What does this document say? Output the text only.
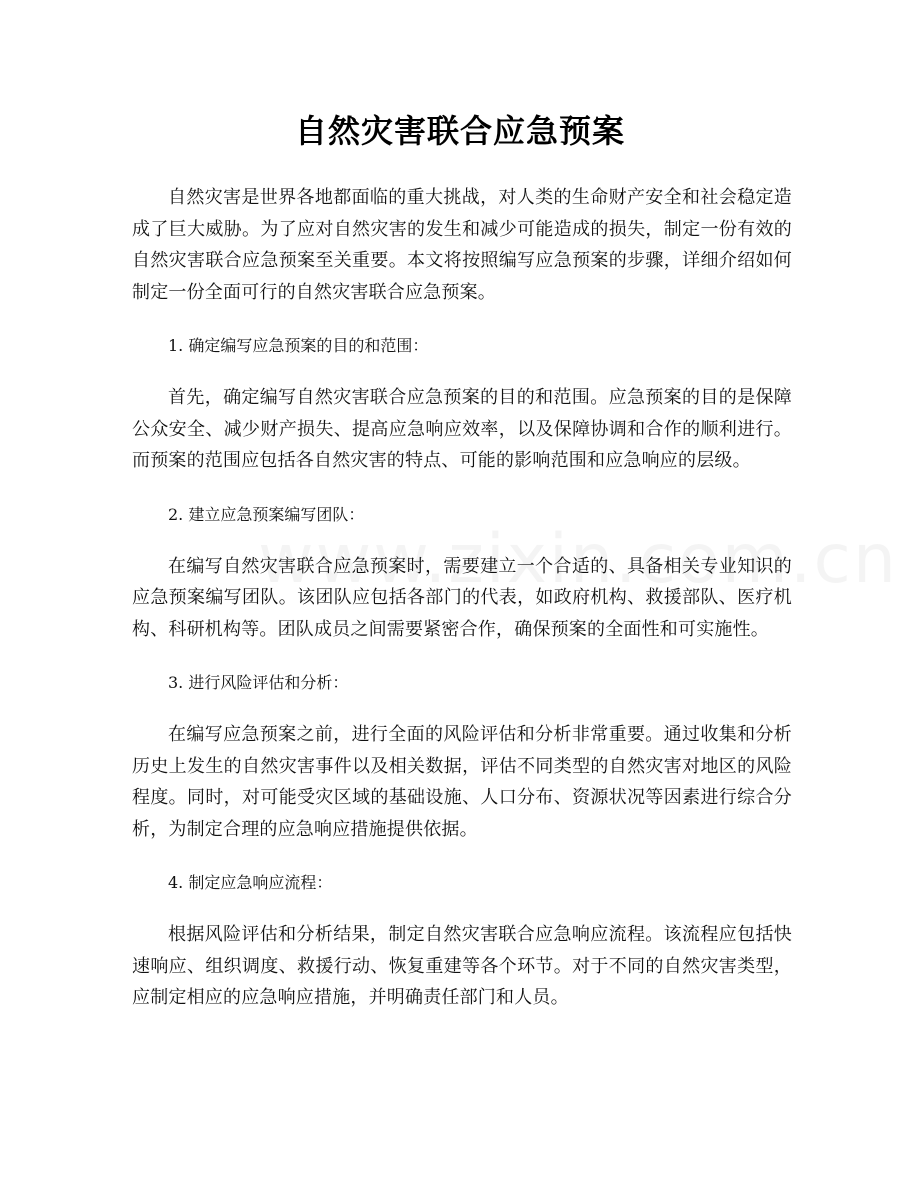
自然灾害联合应急预案

自然灾害是世界各地都面临的重大挑战，对人类的生命财产安全和社会稳定造成了巨大威胁。为了应对自然灾害的发生和减少可能造成的损失，制定一份有效的自然灾害联合应急预案至关重要。本文将按照编写应急预案的步骤，详细介绍如何制定一份全面可行的自然灾害联合应急预案。

1. 确定编写应急预案的目的和范围：

首先，确定编写自然灾害联合应急预案的目的和范围。应急预案的目的是保障公众安全、减少财产损失、提高应急响应效率，以及保障协调和合作的顺利进行。而预案的范围应包括各自然灾害的特点、可能的影响范围和应急响应的层级。

2. 建立应急预案编写团队：

在编写自然灾害联合应急预案时，需要建立一个合适的、具备相关专业知识的应急预案编写团队。该团队应包括各部门的代表，如政府机构、救援部队、医疗机构、科研机构等。团队成员之间需要紧密合作，确保预案的全面性和可实施性。

3. 进行风险评估和分析：

在编写应急预案之前，进行全面的风险评估和分析非常重要。通过收集和分析历史上发生的自然灾害事件以及相关数据，评估不同类型的自然灾害对地区的风险程度。同时，对可能受灾区域的基础设施、人口分布、资源状况等因素进行综合分析，为制定合理的应急响应措施提供依据。

4. 制定应急响应流程：

根据风险评估和分析结果，制定自然灾害联合应急响应流程。该流程应包括快速响应、组织调度、救援行动、恢复重建等各个环节。对于不同的自然灾害类型，应制定相应的应急响应措施，并明确责任部门和人员。
